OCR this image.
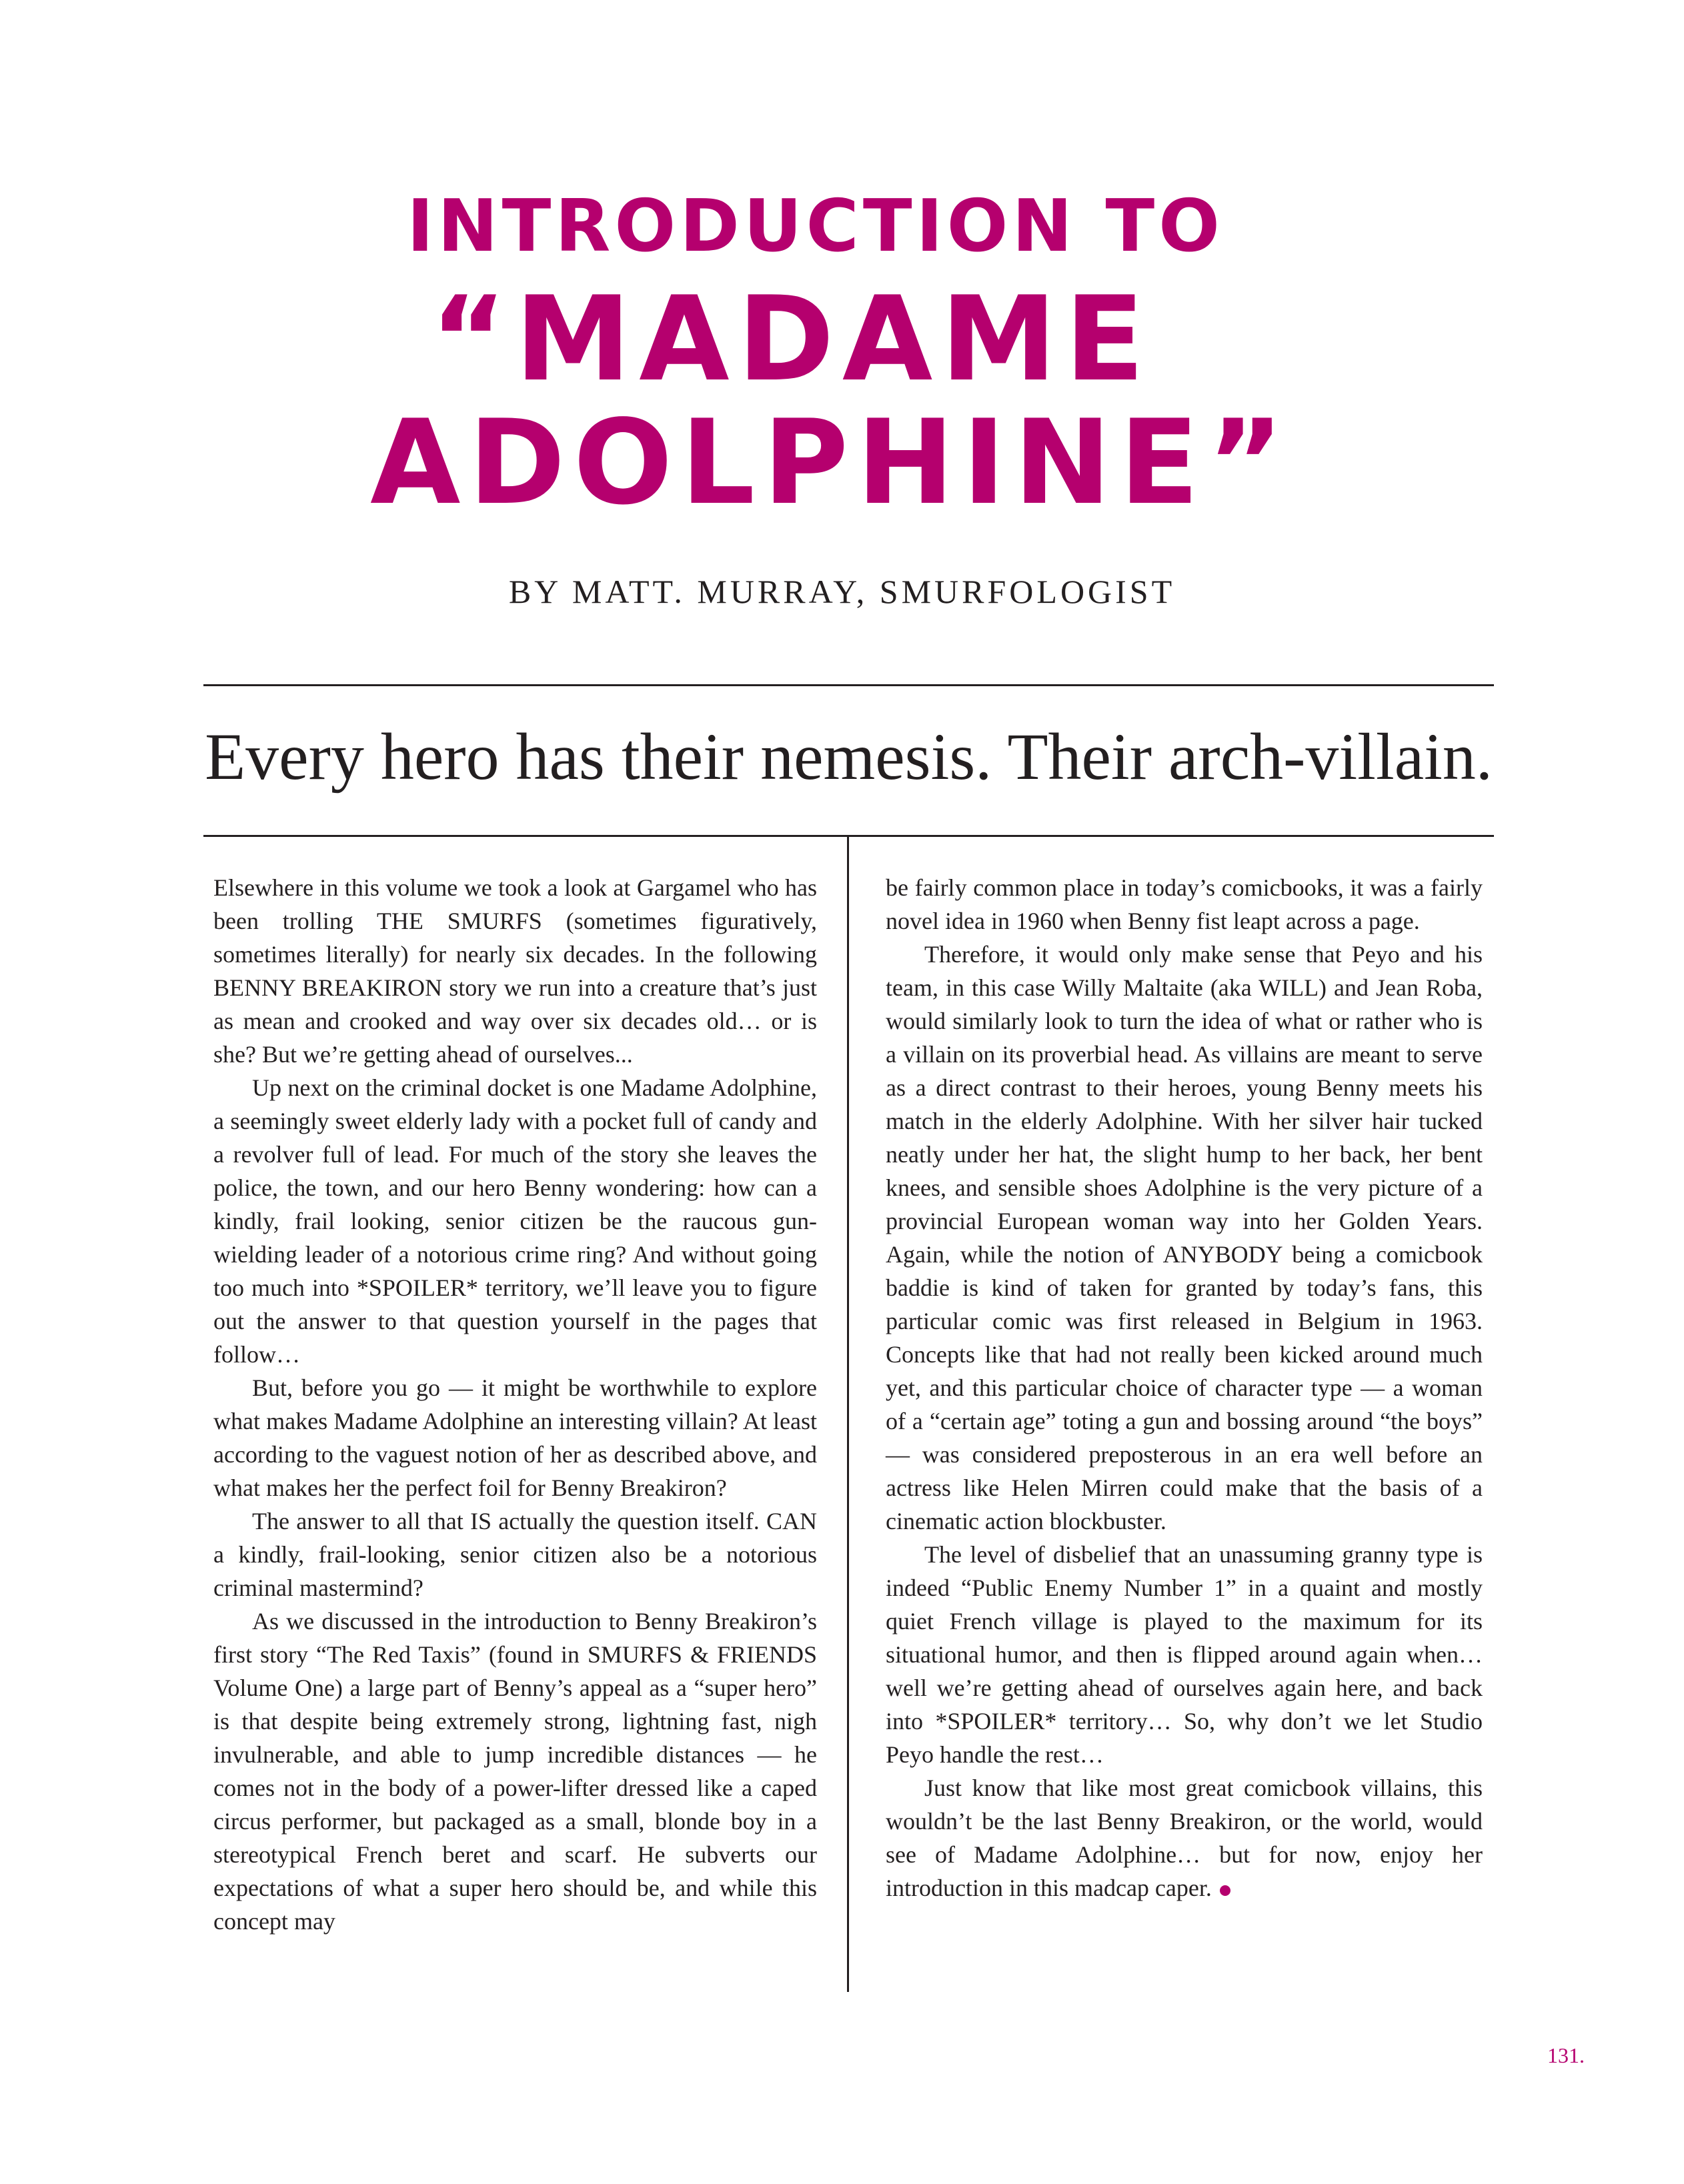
INTRODUCTION TO
“MADAME
ADOLPHINE”

BY MATT. MURRAY, SMURFOLOGIST

Every hero has their nemesis. Their arch-villain.

Elsewhere in this volume we took a look at Gargamel who has been trolling THE SMURFS (sometimes figuratively, sometimes literally) for nearly six decades. In the following BENNY BREAKIRON story we run into a creature that’s just as mean and crooked and way over six decades old… or is she? But we’re getting ahead of ourselves...

Up next on the criminal docket is one Madame Adolphine, a seemingly sweet elderly lady with a pocket full of candy and a revolver full of lead. For much of the story she leaves the police, the town, and our hero Benny wondering: how can a kindly, frail looking, senior citizen be the raucous gun-wielding leader of a notorious crime ring? And without going too much into *SPOILER* territory, we’ll leave you to figure out the answer to that question yourself in the pages that follow…

But, before you go — it might be worthwhile to explore what makes Madame Adolphine an interesting villain? At least according to the vaguest notion of her as described above, and what makes her the perfect foil for Benny Breakiron?

The answer to all that IS actually the question itself. CAN a kindly, frail-looking, senior citizen also be a notorious criminal mastermind?

As we discussed in the introduction to Benny Breakiron’s first story “The Red Taxis” (found in SMURFS & FRIENDS Volume One) a large part of Benny’s appeal as a “super hero” is that despite being extremely strong, lightning fast, nigh invulnerable, and able to jump incredible distances — he comes not in the body of a power-lifter dressed like a caped circus performer, but packaged as a small, blonde boy in a stereotypical French beret and scarf. He subverts our expectations of what a super hero should be, and while this concept may

be fairly common place in today’s comicbooks, it was a fairly novel idea in 1960 when Benny fist leapt across a page.

Therefore, it would only make sense that Peyo and his team, in this case Willy Maltaite (aka WILL) and Jean Roba, would similarly look to turn the idea of what or rather who is a villain on its proverbial head. As villains are meant to serve as a direct contrast to their heroes, young Benny meets his match in the elderly Adolphine. With her silver hair tucked neatly under her hat, the slight hump to her back, her bent knees, and sensible shoes Adolphine is the very picture of a provincial European woman way into her Golden Years. Again, while the notion of ANYBODY being a comicbook baddie is kind of taken for granted by today’s fans, this particular comic was first released in Belgium in 1963. Concepts like that had not really been kicked around much yet, and this particular choice of character type — a woman of a “certain age” toting a gun and bossing around “the boys” — was considered preposterous in an era well before an actress like Helen Mirren could make that the basis of a cinematic action blockbuster.

The level of disbelief that an unassuming granny type is indeed “Public Enemy Number 1” in a quaint and mostly quiet French village is played to the maximum for its situational humor, and then is flipped around again when… well we’re getting ahead of ourselves again here, and back into *SPOILER* territory… So, why don’t we let Studio Peyo handle the rest…

Just know that like most great comicbook villains, this wouldn’t be the last Benny Breakiron, or the world, would see of Madame Adolphine… but for now, enjoy her introduction in this madcap caper.

131.
